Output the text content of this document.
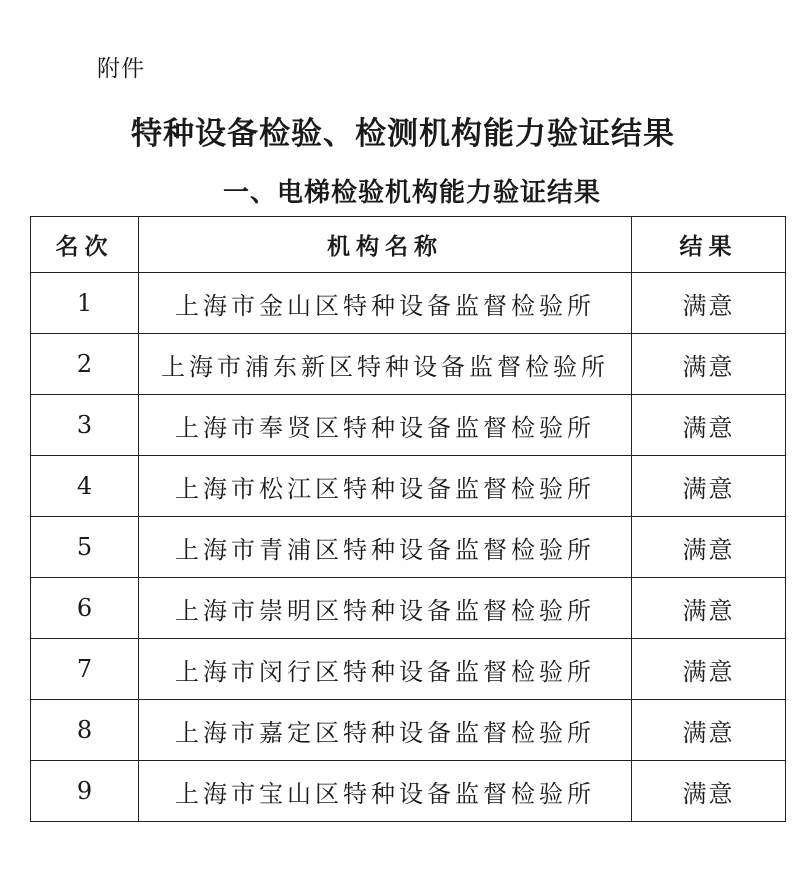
附件
特种设备检验、检测机构能力验证结果
一、电梯检验机构能力验证结果
名次	机构名称	结果
1	上海市金山区特种设备监督检验所	满意
2	上海市浦东新区特种设备监督检验所	满意
3	上海市奉贤区特种设备监督检验所	满意
4	上海市松江区特种设备监督检验所	满意
5	上海市青浦区特种设备监督检验所	满意
6	上海市崇明区特种设备监督检验所	满意
7	上海市闵行区特种设备监督检验所	满意
8	上海市嘉定区特种设备监督检验所	满意
9	上海市宝山区特种设备监督检验所	满意
